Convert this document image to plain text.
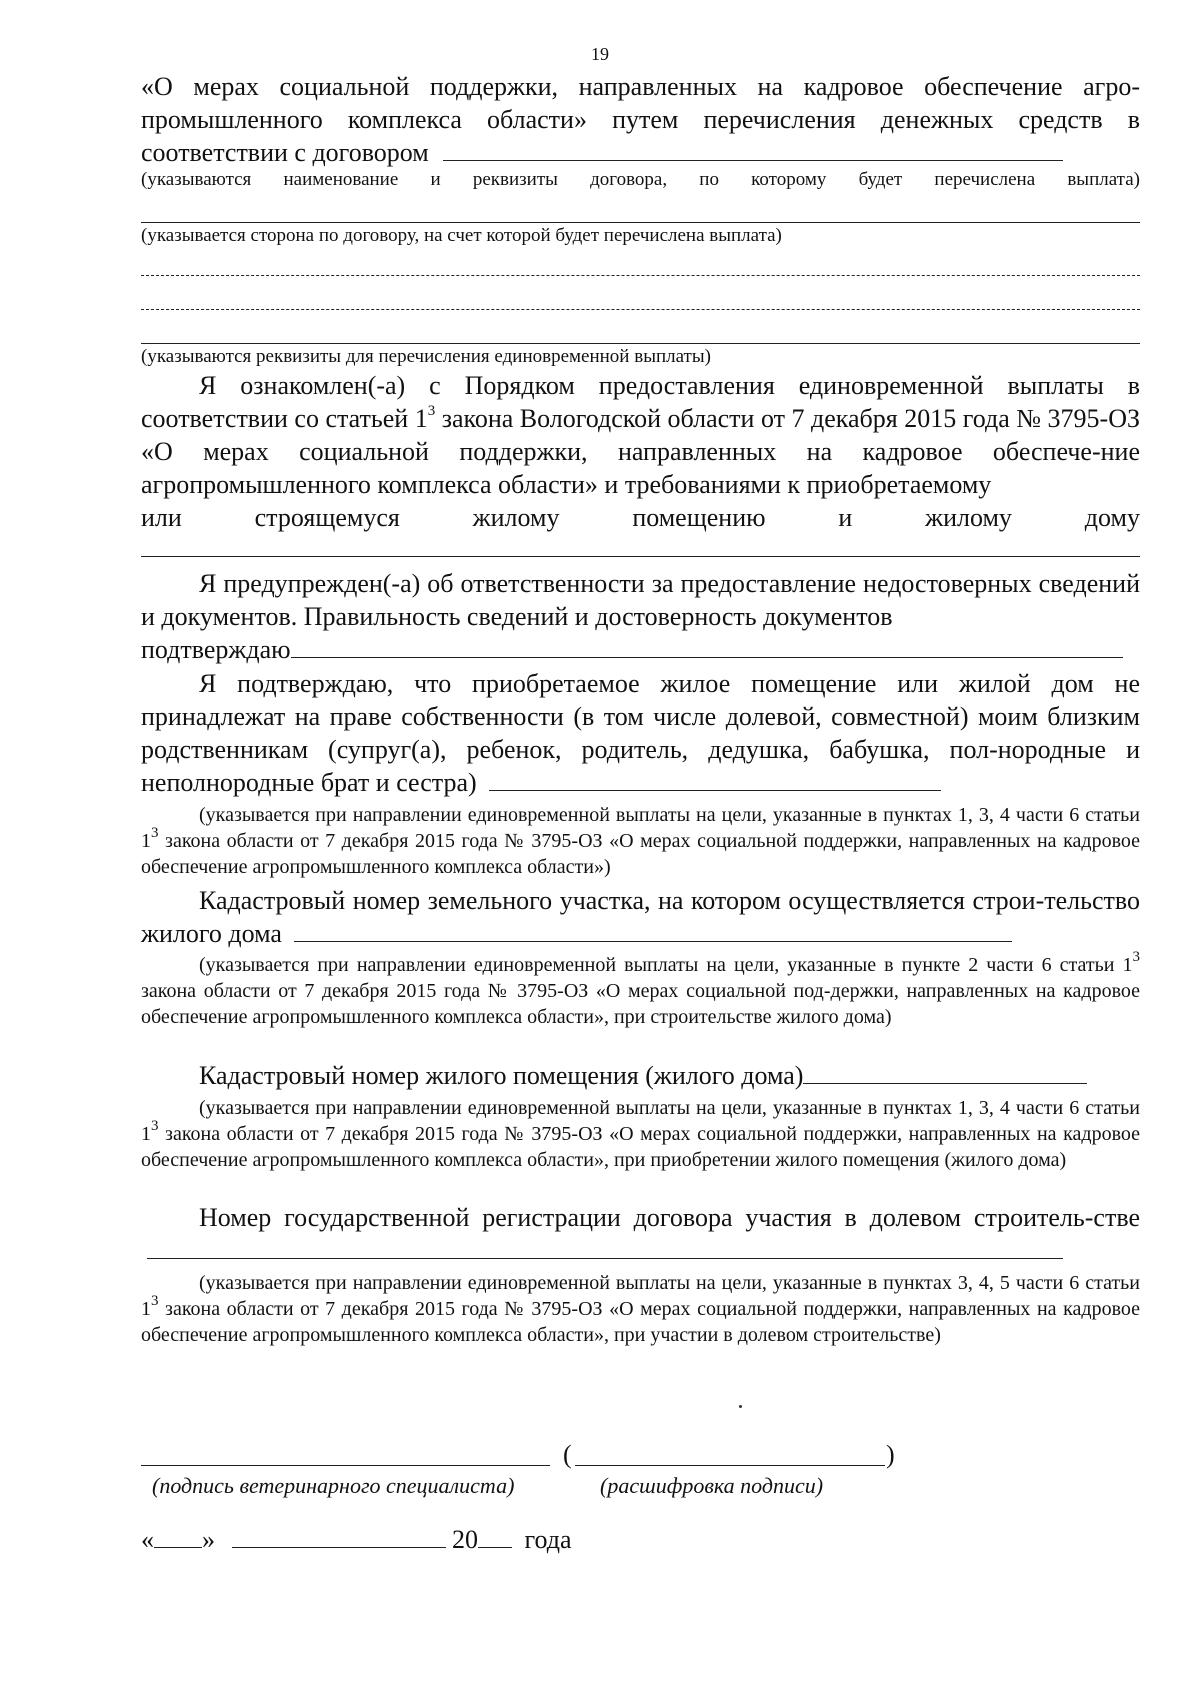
19
«О мерах социальной поддержки, направленных на кадровое обеспечение агро-
промышленного комплекса области» путем перечисления денежных средств в
соответствии с договором
(указываются наименование и реквизиты договора, по которому будет перечислена выплата)
(указывается сторона по договору, на счет которой будет перечислена выплата)
(указываются реквизиты для перечисления единовременной выплаты)
Я ознакомлен(-а) с Порядком предоставления единовременной выплаты в соответствии со статьей $1^3$ закона Вологодской области от 7 декабря 2015 года № 3795-ОЗ «О мерах социальной поддержки, направленных на кадровое обеспече-ние агропромышленного комплекса области» и требованиями к приобретаемому
или	строящемуся	жилому	помещению	и	жилому	дому
Я предупрежден(-а) об ответственности за предоставление недостоверных сведений и документов. Правильность сведений и достоверность документов
подтверждаю
Я подтверждаю, что приобретаемое жилое помещение или жилой дом не принадлежат на праве собственности (в том числе долевой, совместной) моим близким родственникам (супруг(а), ребенок, родитель, дедушка, бабушка, пол-нородные и неполнородные брат и сестра)
(указывается при направлении единовременной выплаты на цели, указанные в пунктах 1, 3, 4 части 6 статьи $1^3$ закона области от 7 декабря 2015 года № 3795-ОЗ «О мерах социальной поддержки, направленных на кадровое обеспечение агропромышленного комплекса области»)
Кадастровый номер земельного участка, на котором осуществляется строи-тельство жилого дома
(указывается при направлении единовременной выплаты на цели, указанные в пункте 2 части 6 статьи $1^3$ закона области от 7 декабря 2015 года № 3795-ОЗ «О мерах социальной под-держки, направленных на кадровое обеспечение агропромышленного комплекса области», при строительстве жилого дома)
Кадастровый номер жилого помещения (жилого дома)
(указывается при направлении единовременной выплаты на цели, указанные в пунктах 1, 3, 4 части 6 статьи $1^3$ закона области от 7 декабря 2015 года № 3795-ОЗ «О мерах социальной поддержки, направленных на кадровое обеспечение агропромышленного комплекса области», при приобретении жилого помещения (жилого дома)
Номер государственной регистрации договора участия в долевом строитель-стве
(указывается при направлении единовременной выплаты на цели, указанные в пунктах 3, 4, 5 части 6 статьи $1^3$ закона области от 7 декабря 2015 года № 3795-ОЗ «О мерах социальной поддержки, направленных на кадровое обеспечение агропромышленного комплекса области», при участии в долевом строительстве)
(	)
(подпись ветеринарного специалиста)	(расшифровка подписи)
« »	20 года
